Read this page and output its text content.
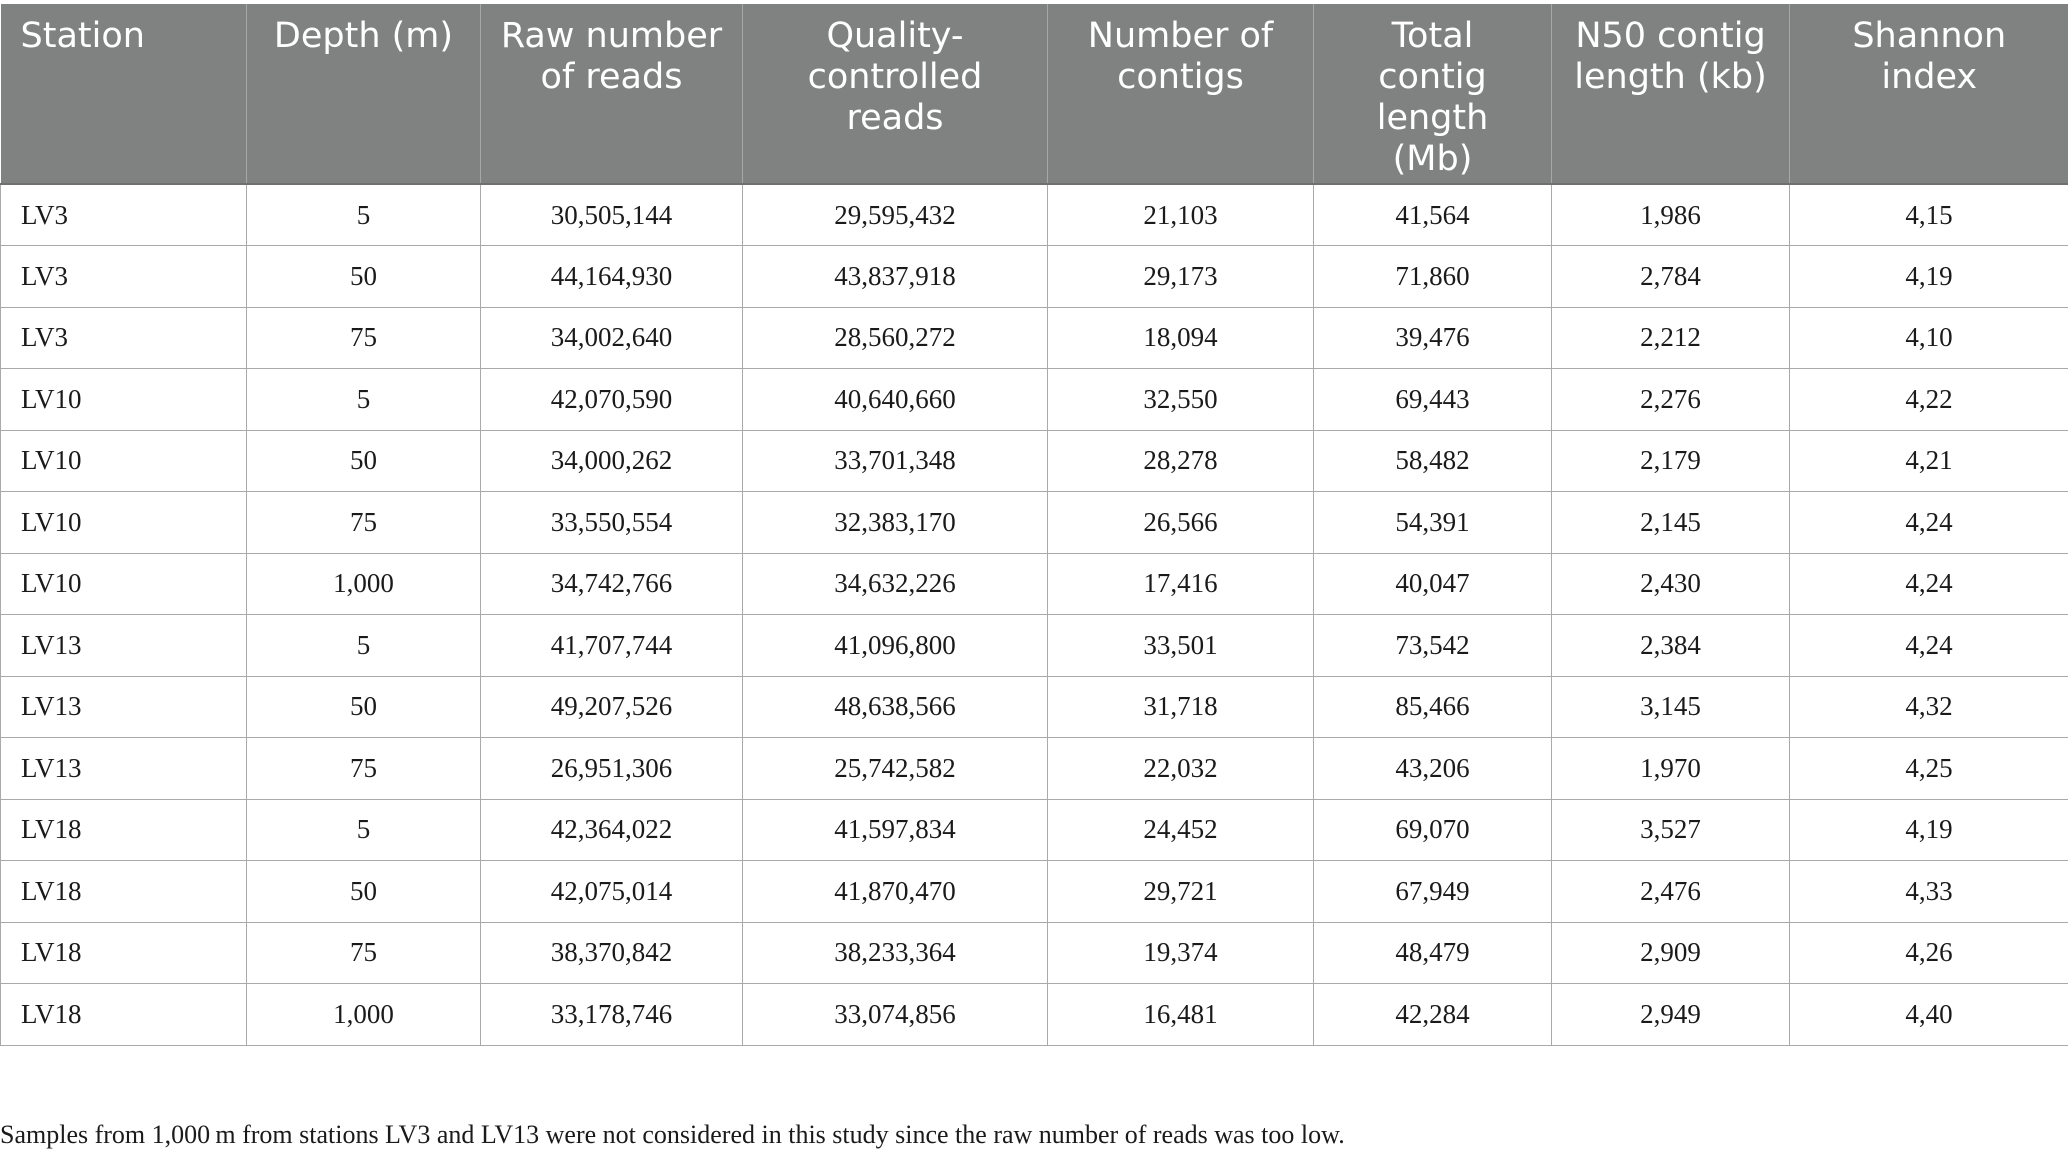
Station	Depth (m)	Raw number of reads	Quality-controlled reads	Number of contigs	Total contig length (Mb)	N50 contig length (kb)	Shannon index
LV3	5	30,505,144	29,595,432	21,103	41,564	1,986	4,15
LV3	50	44,164,930	43,837,918	29,173	71,860	2,784	4,19
LV3	75	34,002,640	28,560,272	18,094	39,476	2,212	4,10
LV10	5	42,070,590	40,640,660	32,550	69,443	2,276	4,22
LV10	50	34,000,262	33,701,348	28,278	58,482	2,179	4,21
LV10	75	33,550,554	32,383,170	26,566	54,391	2,145	4,24
LV10	1,000	34,742,766	34,632,226	17,416	40,047	2,430	4,24
LV13	5	41,707,744	41,096,800	33,501	73,542	2,384	4,24
LV13	50	49,207,526	48,638,566	31,718	85,466	3,145	4,32
LV13	75	26,951,306	25,742,582	22,032	43,206	1,970	4,25
LV18	5	42,364,022	41,597,834	24,452	69,070	3,527	4,19
LV18	50	42,075,014	41,870,470	29,721	67,949	2,476	4,33
LV18	75	38,370,842	38,233,364	19,374	48,479	2,909	4,26
LV18	1,000	33,178,746	33,074,856	16,481	42,284	2,949	4,40
Samples from 1,000 m from stations LV3 and LV13 were not considered in this study since the raw number of reads was too low.
